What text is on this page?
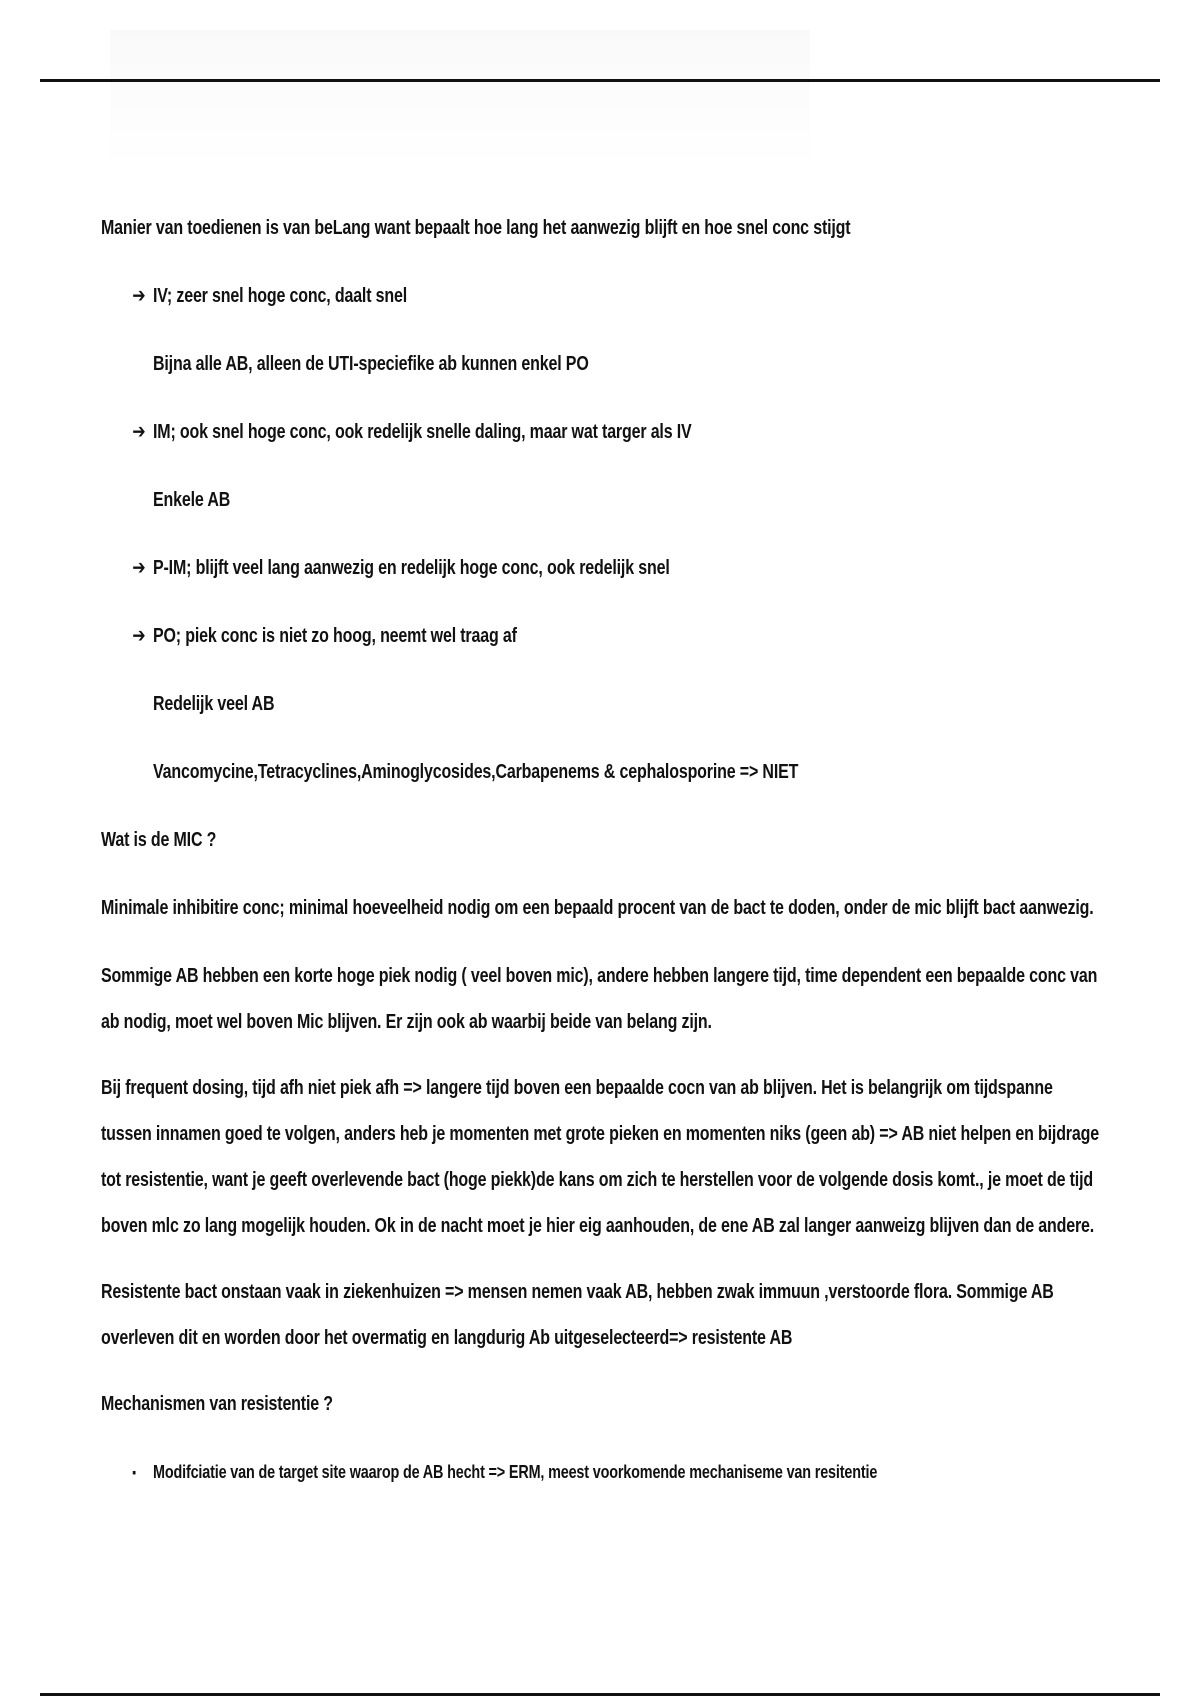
Manier van toedienen is van beLang want bepaalt hoe lang het aanwezig blijft en hoe snel conc stijgt
➔ IV; zeer snel hoge conc, daalt snel
Bijna alle AB, alleen de UTI-speciefike ab kunnen enkel PO
➔ IM; ook snel hoge conc, ook redelijk snelle daling, maar wat targer als IV
Enkele AB
➔ P-IM; blijft veel lang aanwezig en redelijk hoge conc, ook redelijk snel
➔ PO; piek conc is niet zo hoog, neemt wel traag af
Redelijk veel AB
Vancomycine,Tetracyclines,Aminoglycosides,Carbapenems & cephalosporine => NIET
Wat is de MIC ?
Minimale inhibitire conc; minimal hoeveelheid nodig om een bepaald procent van de bact te doden, onder de mic blijft bact aanwezig.
Sommige AB hebben een korte hoge piek nodig ( veel boven mic), andere hebben langere tijd, time dependent een bepaalde conc van ab nodig, moet wel boven Mic blijven. Er zijn ook ab waarbij beide van belang zijn.
Bij frequent dosing, tijd afh niet piek afh => langere tijd boven een bepaalde cocn van ab blijven. Het is belangrijk om tijdspanne tussen innamen goed te volgen, anders heb je momenten met grote pieken en momenten niks (geen ab) => AB niet helpen en bijdrage tot resistentie, want je geeft overlevende bact (hoge piekk)de kans om zich te herstellen voor de volgende dosis komt., je moet de tijd boven mlc zo lang mogelijk houden. Ok in de nacht moet je hier eig aanhouden, de ene AB zal langer aanweizg blijven dan de andere.
Resistente bact onstaan vaak in ziekenhuizen => mensen nemen vaak AB, hebben zwak immuun ,verstoorde flora. Sommige AB overleven dit en worden door het overmatig en langdurig Ab uitgeselecteerd=> resistente AB
Mechanismen van resistentie ?
▪ Modifciatie van de target site waarop de AB hecht => ERM, meest voorkomende mechaniseme van resitentie
